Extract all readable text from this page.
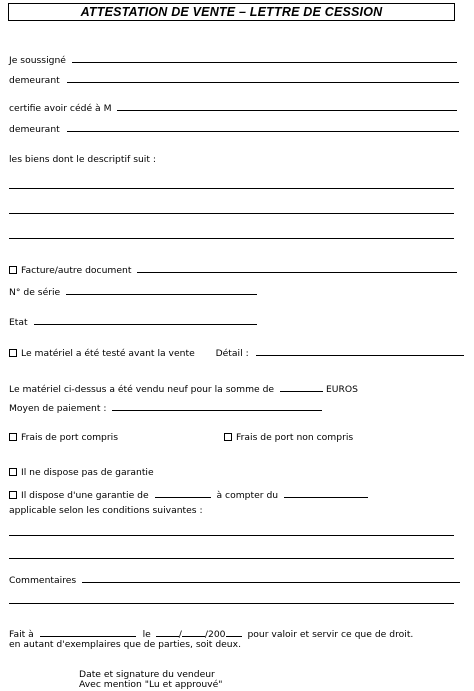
ATTESTATION DE VENTE – LETTRE DE CESSION
Je soussigné
demeurant
certifie avoir cédé à M
demeurant
les biens dont le descriptif suit :
Facture/autre document
N° de série
Etat
Le matériel a été testé avant la vente Détail :
Le matériel ci-dessus a été vendu neuf pour la somme de	EUROS
Moyen de paiement :
Frais de port compris	Frais de port non compris
Il ne dispose pas de garantie
Il dispose d'une garantie de	à compter du
applicable selon les conditions suivantes :
Commentaires
Fait à	le	/	/200 pour valoir et servir ce que de droit.
en autant d'exemplaires que de parties, soit deux.
Date et signature du vendeur
Avec mention "Lu et approuvé"
